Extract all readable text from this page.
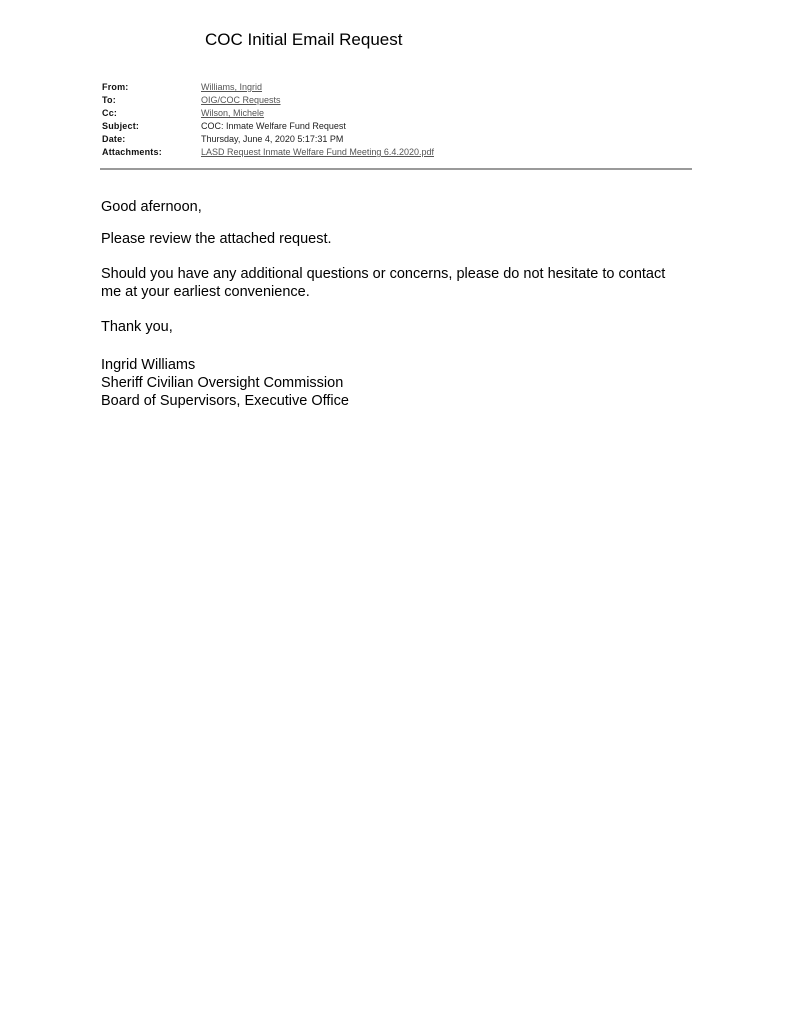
COC Initial Email Request
From:	Williams, Ingrid
To:	OIG/COC Requests
Cc:	Wilson, Michele
Subject:	COC: Inmate Welfare Fund Request
Date:	Thursday, June 4, 2020 5:17:31 PM
Attachments:	LASD Request Inmate Welfare Fund Meeting 6.4.2020.pdf

Good afernoon,

Please review the attached request.

Should you have any additional questions or concerns, please do not hesitate to contact

me at your earliest convenience.

Thank you,

Ingrid Williams

Sheriff Civilian Oversight Commission

Board of Supervisors, Executive Office
